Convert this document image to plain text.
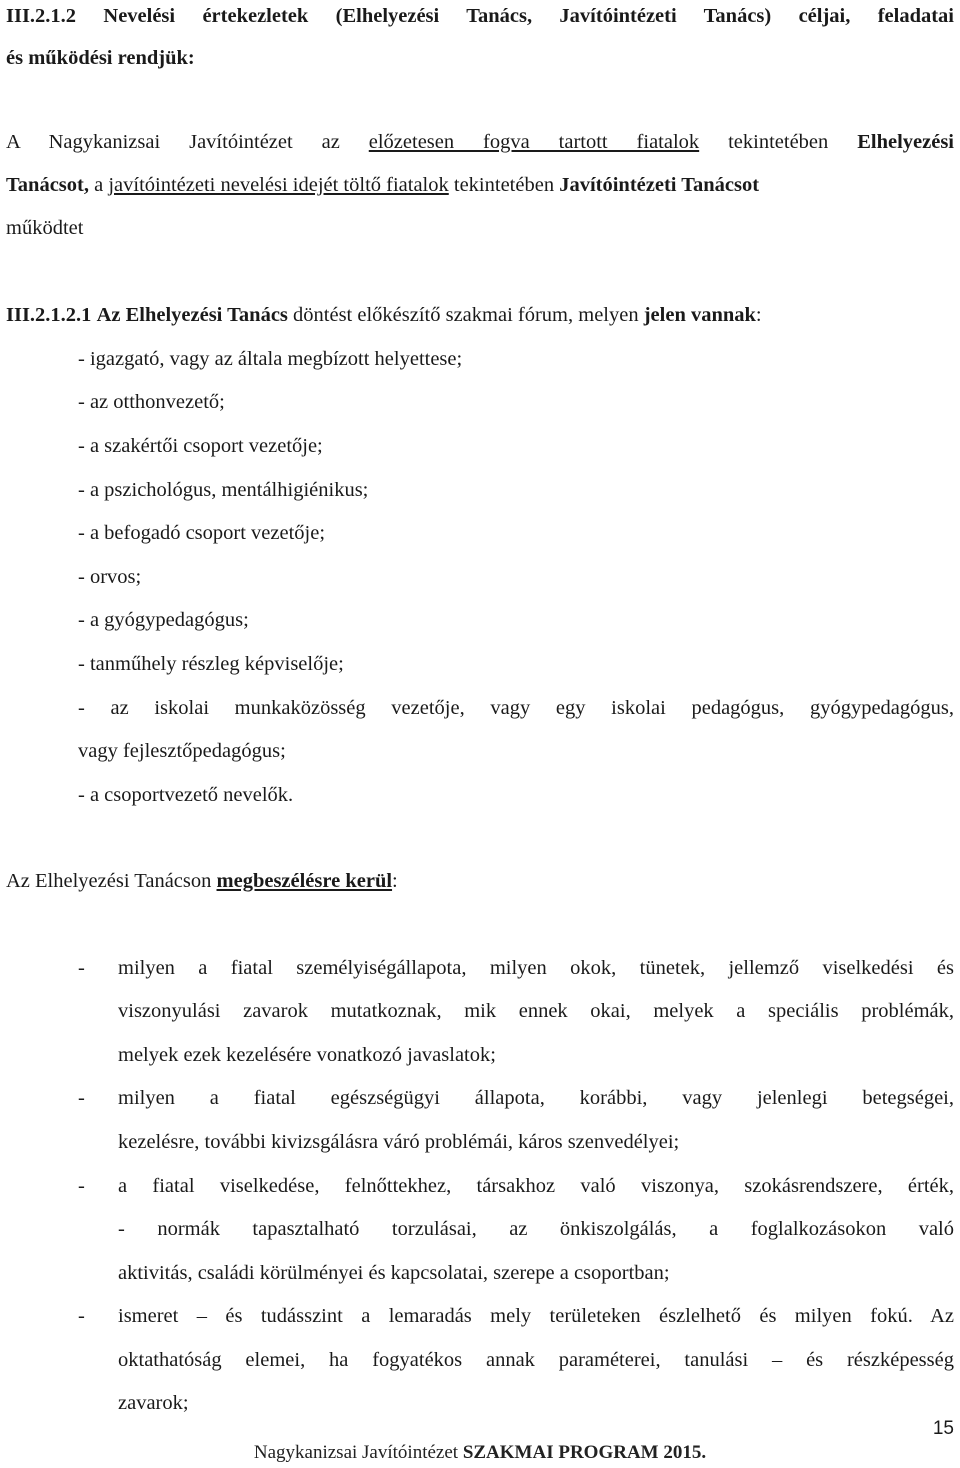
III.2.1.2 Nevelési értekezletek (Elhelyezési Tanács, Javítóintézeti Tanács) céljai, feladatai
és működési rendjük:
A Nagykanizsai Javítóintézet az előzetesen fogva tartott fiatalok tekintetében Elhelyezési
Tanácsot, a javítóintézeti nevelési idejét töltő fiatalok tekintetében Javítóintézeti Tanácsot
működtet
III.2.1.2.1 Az Elhelyezési Tanács döntést előkészítő szakmai fórum, melyen jelen vannak:
- igazgató, vagy az általa megbízott helyettese;
- az otthonvezető;
- a szakértői csoport vezetője;
- a pszichológus, mentálhigiénikus;
- a befogadó csoport vezetője;
- orvos;
- a gyógypedagógus;
- tanműhely részleg képviselője;
- az iskolai munkaközösség vezetője, vagy egy iskolai pedagógus, gyógypedagógus,
vagy fejlesztőpedagógus;
- a csoportvezető nevelők.
Az Elhelyezési Tanácson megbeszélésre kerül:
- milyen a fiatal személyiségállapota, milyen okok, tünetek, jellemző viselkedési és
viszonyulási zavarok mutatkoznak, mik ennek okai, melyek a speciális problémák,
melyek ezek kezelésére vonatkozó javaslatok;
- milyen a fiatal egészségügyi állapota, korábbi, vagy jelenlegi betegségei,
kezelésre, további kivizsgálásra váró problémái, káros szenvedélyei;
- a fiatal viselkedése, felnőttekhez, társakhoz való viszonya, szokásrendszere, érték,
- normák tapasztalható torzulásai, az önkiszolgálás, a foglalkozásokon való
aktivitás, családi körülményei és kapcsolatai, szerepe a csoportban;
- ismeret – és tudásszint a lemaradás mely területeken észlelhető és milyen fokú. Az
oktathatóság elemei, ha fogyatékos annak paraméterei, tanulási – és részképesség
zavarok;
15
Nagykanizsai Javítóintézet SZAKMAI PROGRAM 2015.
